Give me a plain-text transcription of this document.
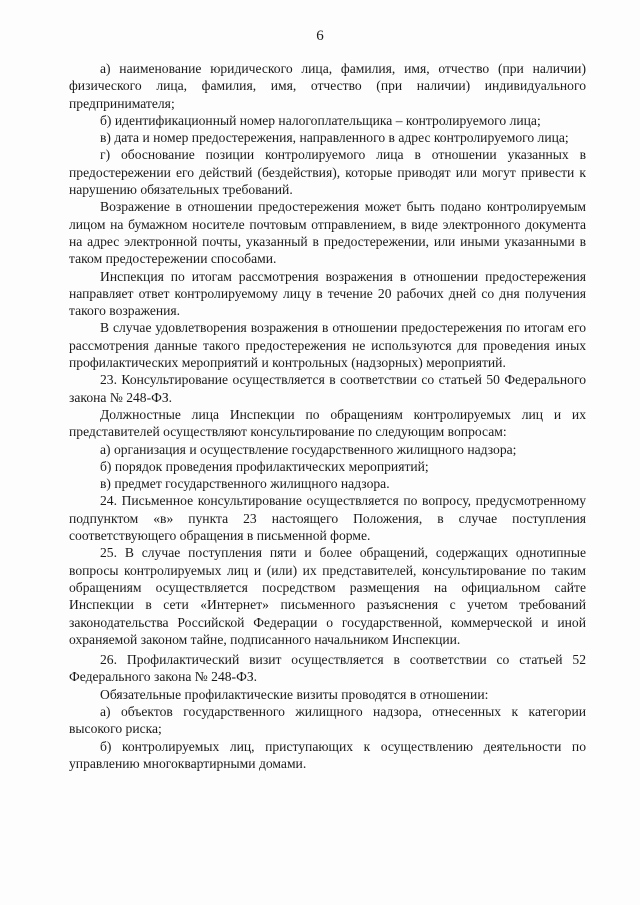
6

а) наименование юридического лица, фамилия, имя, отчество (при наличии) физического лица, фамилия, имя, отчество (при наличии) индивидуального предпринимателя;

б) идентификационный номер налогоплательщика – контролируемого лица;

в) дата и номер предостережения, направленного в адрес контролируемого лица;

г) обоснование позиции контролируемого лица в отношении указанных в предостережении его действий (бездействия), которые приводят или могут привести к нарушению обязательных требований.

Возражение в отношении предостережения может быть подано контролируемым лицом на бумажном носителе почтовым отправлением, в виде электронного документа на адрес электронной почты, указанный в предостережении, или иными указанными в таком предостережении способами.

Инспекция по итогам рассмотрения возражения в отношении предостережения направляет ответ контролируемому лицу в течение 20 рабочих дней со дня получения такого возражения.

В случае удовлетворения возражения в отношении предостережения по итогам его рассмотрения данные такого предостережения не используются для проведения иных профилактических мероприятий и контрольных (надзорных) мероприятий.

23. Консультирование осуществляется в соответствии со статьей 50 Федерального закона № 248-ФЗ.

Должностные лица Инспекции по обращениям контролируемых лиц и их представителей осуществляют консультирование по следующим вопросам:

а) организация и осуществление государственного жилищного надзора;

б) порядок проведения профилактических мероприятий;

в) предмет государственного жилищного надзора.

24. Письменное консультирование осуществляется по вопросу, предусмотренному подпунктом «в» пункта 23 настоящего Положения, в случае поступления соответствующего обращения в письменной форме.

25. В случае поступления пяти и более обращений, содержащих однотипные вопросы контролируемых лиц и (или) их представителей, консультирование по таким обращениям осуществляется посредством размещения на официальном сайте Инспекции в сети «Интернет» письменного разъяснения с учетом требований законодательства Российской Федерации о государственной, коммерческой и иной охраняемой законом тайне, подписанного начальником Инспекции.

26. Профилактический визит осуществляется в соответствии со статьей 52 Федерального закона № 248-ФЗ.

Обязательные профилактические визиты проводятся в отношении:

а) объектов государственного жилищного надзора, отнесенных к категории высокого риска;

б) контролируемых лиц, приступающих к осуществлению деятельности по управлению многоквартирными домами.
